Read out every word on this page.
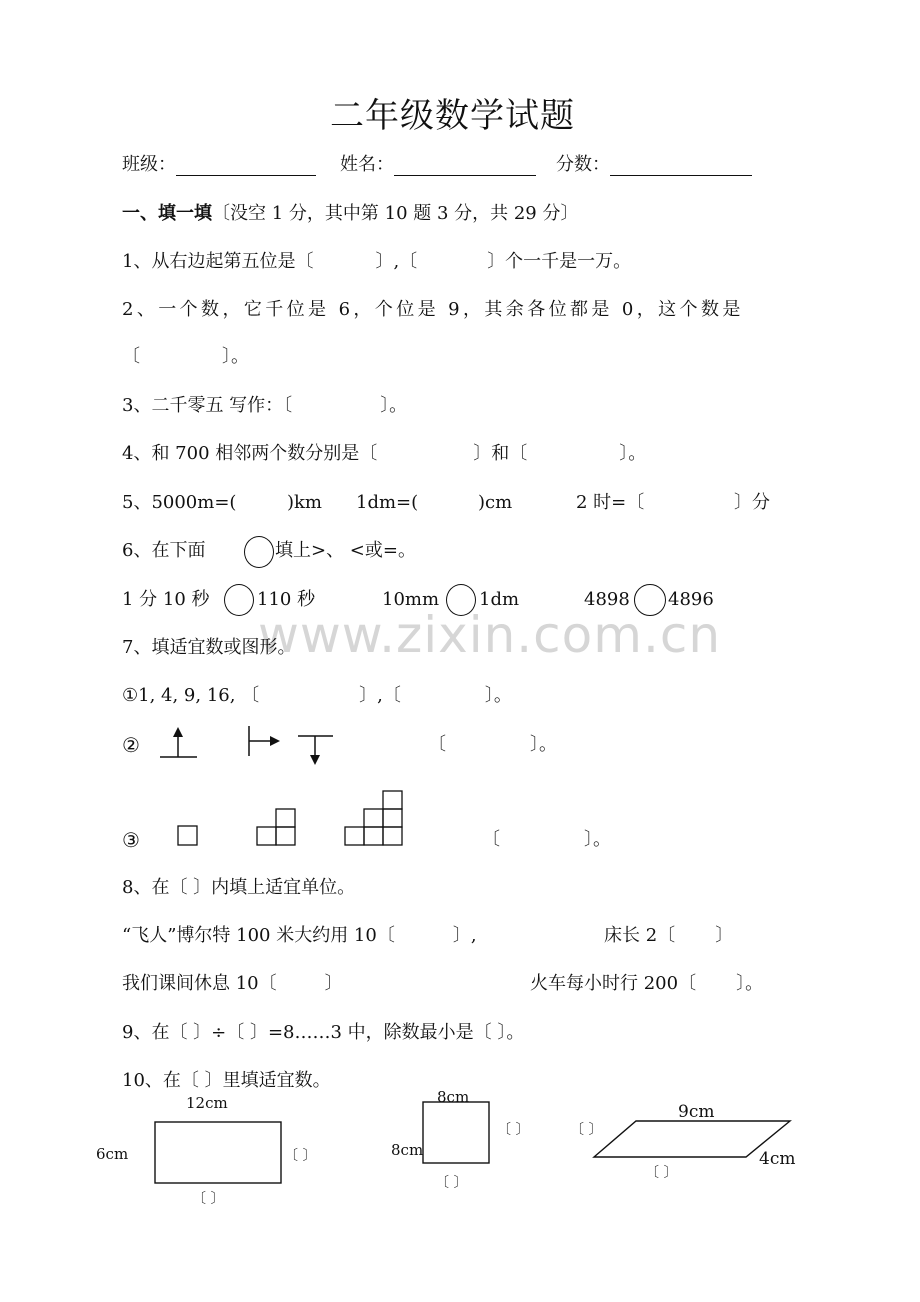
二年级数学试题
班级：	姓名：	分数：
一、填一填〔没空 1 分，其中第 10 题 3 分，共 29 分〕
1、从右边起第五位是〔	〕,〔	〕个一千是一万。
2、一个数，它千位是 6，个位是 9，其余各位都是 0，这个数是
〔	〕。
3、二千零五 写作：〔	〕。
4、和 700 相邻两个数分别是〔	〕和〔	〕。
5、5000m=(	)km 1dm=(	)cm	2 时=〔	〕分
6、在下面	填上>、 <或=。
1 分 10 秒	110 秒	10mm 1dm	4898 4896
www.zixin.com.cn
7、填适宜数或图形。
①1, 4, 9, 16, 〔	〕,〔	〕。
②	〔	〕。
③	〔	〕。
8、在〔 〕内填上适宜单位。
“飞人”博尔特 100 米大约用 10〔	〕,	床长 2〔 〕
我们课间休息 10〔	〕	火车每小时行 200〔 〕。
9、在〔 〕÷〔 〕=8……3 中，除数最小是〔 〕。
10、在〔 〕里填适宜数。
12cm
6cm	〔 〕
〔 〕
8cm
8cm
〔 〕	〔 〕
〔 〕
9cm
4cm
〔 〕
